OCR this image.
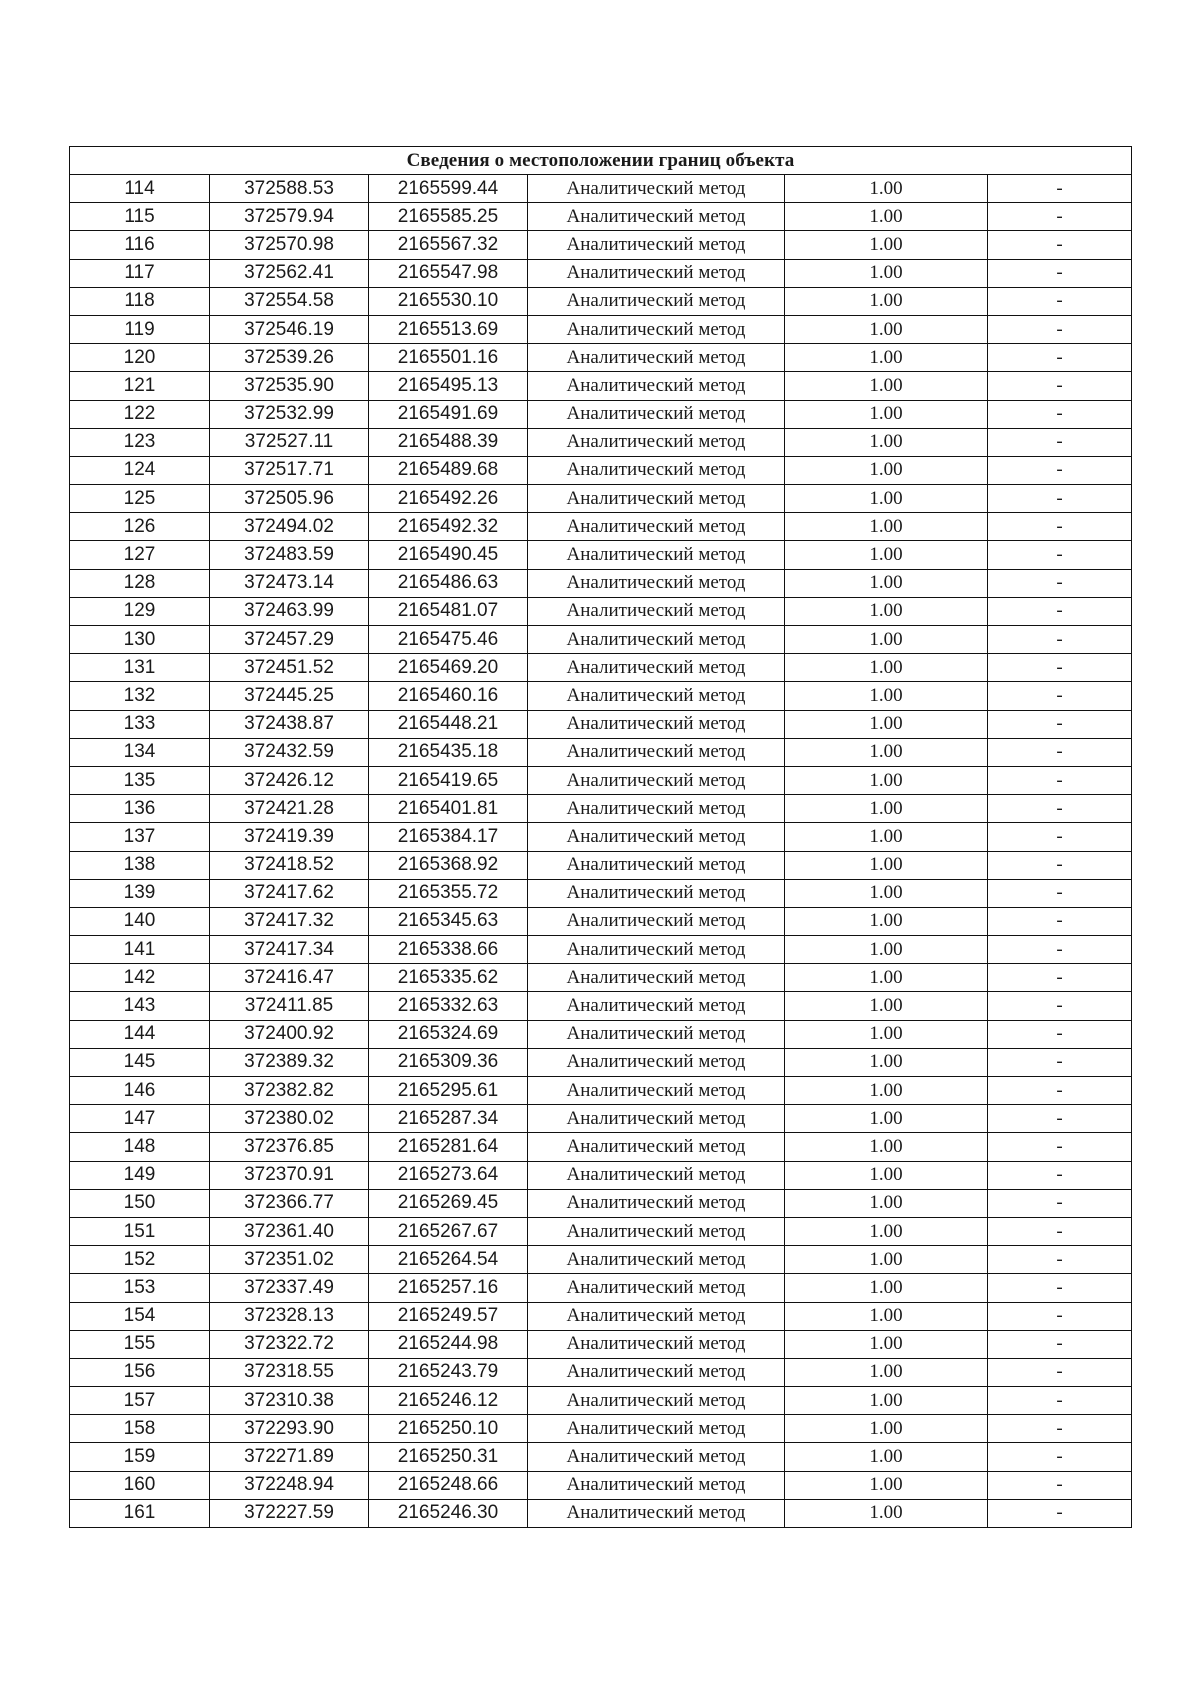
Сведения о местоположении границ объекта					
114	372588.53	2165599.44	Аналитический метод	1.00	-
115	372579.94	2165585.25	Аналитический метод	1.00	-
116	372570.98	2165567.32	Аналитический метод	1.00	-
117	372562.41	2165547.98	Аналитический метод	1.00	-
118	372554.58	2165530.10	Аналитический метод	1.00	-
119	372546.19	2165513.69	Аналитический метод	1.00	-
120	372539.26	2165501.16	Аналитический метод	1.00	-
121	372535.90	2165495.13	Аналитический метод	1.00	-
122	372532.99	2165491.69	Аналитический метод	1.00	-
123	372527.11	2165488.39	Аналитический метод	1.00	-
124	372517.71	2165489.68	Аналитический метод	1.00	-
125	372505.96	2165492.26	Аналитический метод	1.00	-
126	372494.02	2165492.32	Аналитический метод	1.00	-
127	372483.59	2165490.45	Аналитический метод	1.00	-
128	372473.14	2165486.63	Аналитический метод	1.00	-
129	372463.99	2165481.07	Аналитический метод	1.00	-
130	372457.29	2165475.46	Аналитический метод	1.00	-
131	372451.52	2165469.20	Аналитический метод	1.00	-
132	372445.25	2165460.16	Аналитический метод	1.00	-
133	372438.87	2165448.21	Аналитический метод	1.00	-
134	372432.59	2165435.18	Аналитический метод	1.00	-
135	372426.12	2165419.65	Аналитический метод	1.00	-
136	372421.28	2165401.81	Аналитический метод	1.00	-
137	372419.39	2165384.17	Аналитический метод	1.00	-
138	372418.52	2165368.92	Аналитический метод	1.00	-
139	372417.62	2165355.72	Аналитический метод	1.00	-
140	372417.32	2165345.63	Аналитический метод	1.00	-
141	372417.34	2165338.66	Аналитический метод	1.00	-
142	372416.47	2165335.62	Аналитический метод	1.00	-
143	372411.85	2165332.63	Аналитический метод	1.00	-
144	372400.92	2165324.69	Аналитический метод	1.00	-
145	372389.32	2165309.36	Аналитический метод	1.00	-
146	372382.82	2165295.61	Аналитический метод	1.00	-
147	372380.02	2165287.34	Аналитический метод	1.00	-
148	372376.85	2165281.64	Аналитический метод	1.00	-
149	372370.91	2165273.64	Аналитический метод	1.00	-
150	372366.77	2165269.45	Аналитический метод	1.00	-
151	372361.40	2165267.67	Аналитический метод	1.00	-
152	372351.02	2165264.54	Аналитический метод	1.00	-
153	372337.49	2165257.16	Аналитический метод	1.00	-
154	372328.13	2165249.57	Аналитический метод	1.00	-
155	372322.72	2165244.98	Аналитический метод	1.00	-
156	372318.55	2165243.79	Аналитический метод	1.00	-
157	372310.38	2165246.12	Аналитический метод	1.00	-
158	372293.90	2165250.10	Аналитический метод	1.00	-
159	372271.89	2165250.31	Аналитический метод	1.00	-
160	372248.94	2165248.66	Аналитический метод	1.00	-
161	372227.59	2165246.30	Аналитический метод	1.00	-
